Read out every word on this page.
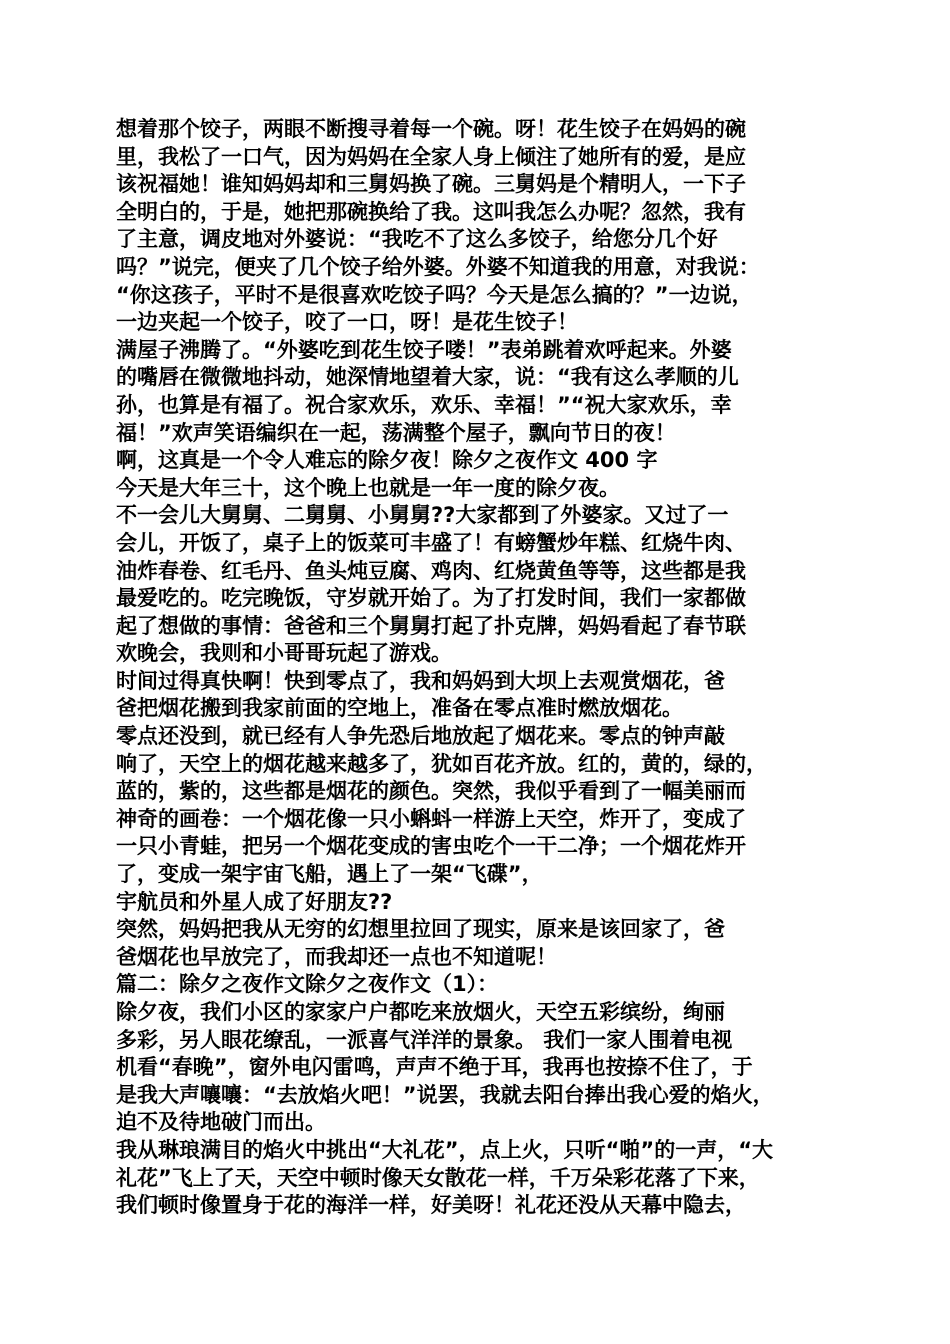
想着那个饺子，两眼不断搜寻着每一个碗。呀！花生饺子在妈妈的碗
里，我松了一口气，因为妈妈在全家人身上倾注了她所有的爱，是应
该祝福她！谁知妈妈却和三舅妈换了碗。三舅妈是个精明人，一下子
全明白的，于是，她把那碗换给了我。这叫我怎么办呢？忽然，我有
了主意，调皮地对外婆说：“我吃不了这么多饺子，给您分几个好
吗？”说完，便夹了几个饺子给外婆。外婆不知道我的用意，对我说：
“你这孩子，平时不是很喜欢吃饺子吗？今天是怎么搞的？”一边说，
一边夹起一个饺子，咬了一口，呀！是花生饺子！
满屋子沸腾了。“外婆吃到花生饺子喽！”表弟跳着欢呼起来。外婆
的嘴唇在微微地抖动，她深情地望着大家，说：“我有这么孝顺的儿
孙，也算是有福了。祝合家欢乐，欢乐、幸福！”“祝大家欢乐，幸
福！”欢声笑语编织在一起，荡满整个屋子，飘向节日的夜！
啊，这真是一个令人难忘的除夕夜！除夕之夜作文 400 字
今天是大年三十，这个晚上也就是一年一度的除夕夜。
不一会儿大舅舅、二舅舅、小舅舅??大家都到了外婆家。又过了一
会儿，开饭了，桌子上的饭菜可丰盛了！有螃蟹炒年糕、红烧牛肉、
油炸春卷、红毛丹、鱼头炖豆腐、鸡肉、红烧黄鱼等等，这些都是我
最爱吃的。吃完晚饭，守岁就开始了。为了打发时间，我们一家都做
起了想做的事情：爸爸和三个舅舅打起了扑克牌，妈妈看起了春节联
欢晚会，我则和小哥哥玩起了游戏。
时间过得真快啊！快到零点了，我和妈妈到大坝上去观赏烟花，爸
爸把烟花搬到我家前面的空地上，准备在零点准时燃放烟花。
零点还没到，就已经有人争先恐后地放起了烟花来。零点的钟声敲
响了，天空上的烟花越来越多了，犹如百花齐放。红的，黄的，绿的，
蓝的，紫的，这些都是烟花的颜色。突然，我似乎看到了一幅美丽而
神奇的画卷：一个烟花像一只小蝌蚪一样游上天空，炸开了，变成了
一只小青蛙，把另一个烟花变成的害虫吃个一干二净；一个烟花炸开
了，变成一架宇宙飞船，遇上了一架“飞碟”，
宇航员和外星人成了好朋友??
突然，妈妈把我从无穷的幻想里拉回了现实，原来是该回家了，爸
爸烟花也早放完了，而我却还一点也不知道呢！
篇二：除夕之夜作文除夕之夜作文（1）：
除夕夜，我们小区的家家户户都吃来放烟火，天空五彩缤纷，绚丽
多彩，另人眼花缭乱，一派喜气洋洋的景象。 我们一家人围着电视
机看“春晚”，窗外电闪雷鸣，声声不绝于耳，我再也按捺不住了，于
是我大声嚷嚷：“去放焰火吧！”说罢，我就去阳台捧出我心爱的焰火，
迫不及待地破门而出。
我从琳琅满目的焰火中挑出“大礼花”，点上火，只听“啪”的一声，“大
礼花”飞上了天，天空中顿时像天女散花一样，千万朵彩花落了下来，
我们顿时像置身于花的海洋一样，好美呀！礼花还没从天幕中隐去，
